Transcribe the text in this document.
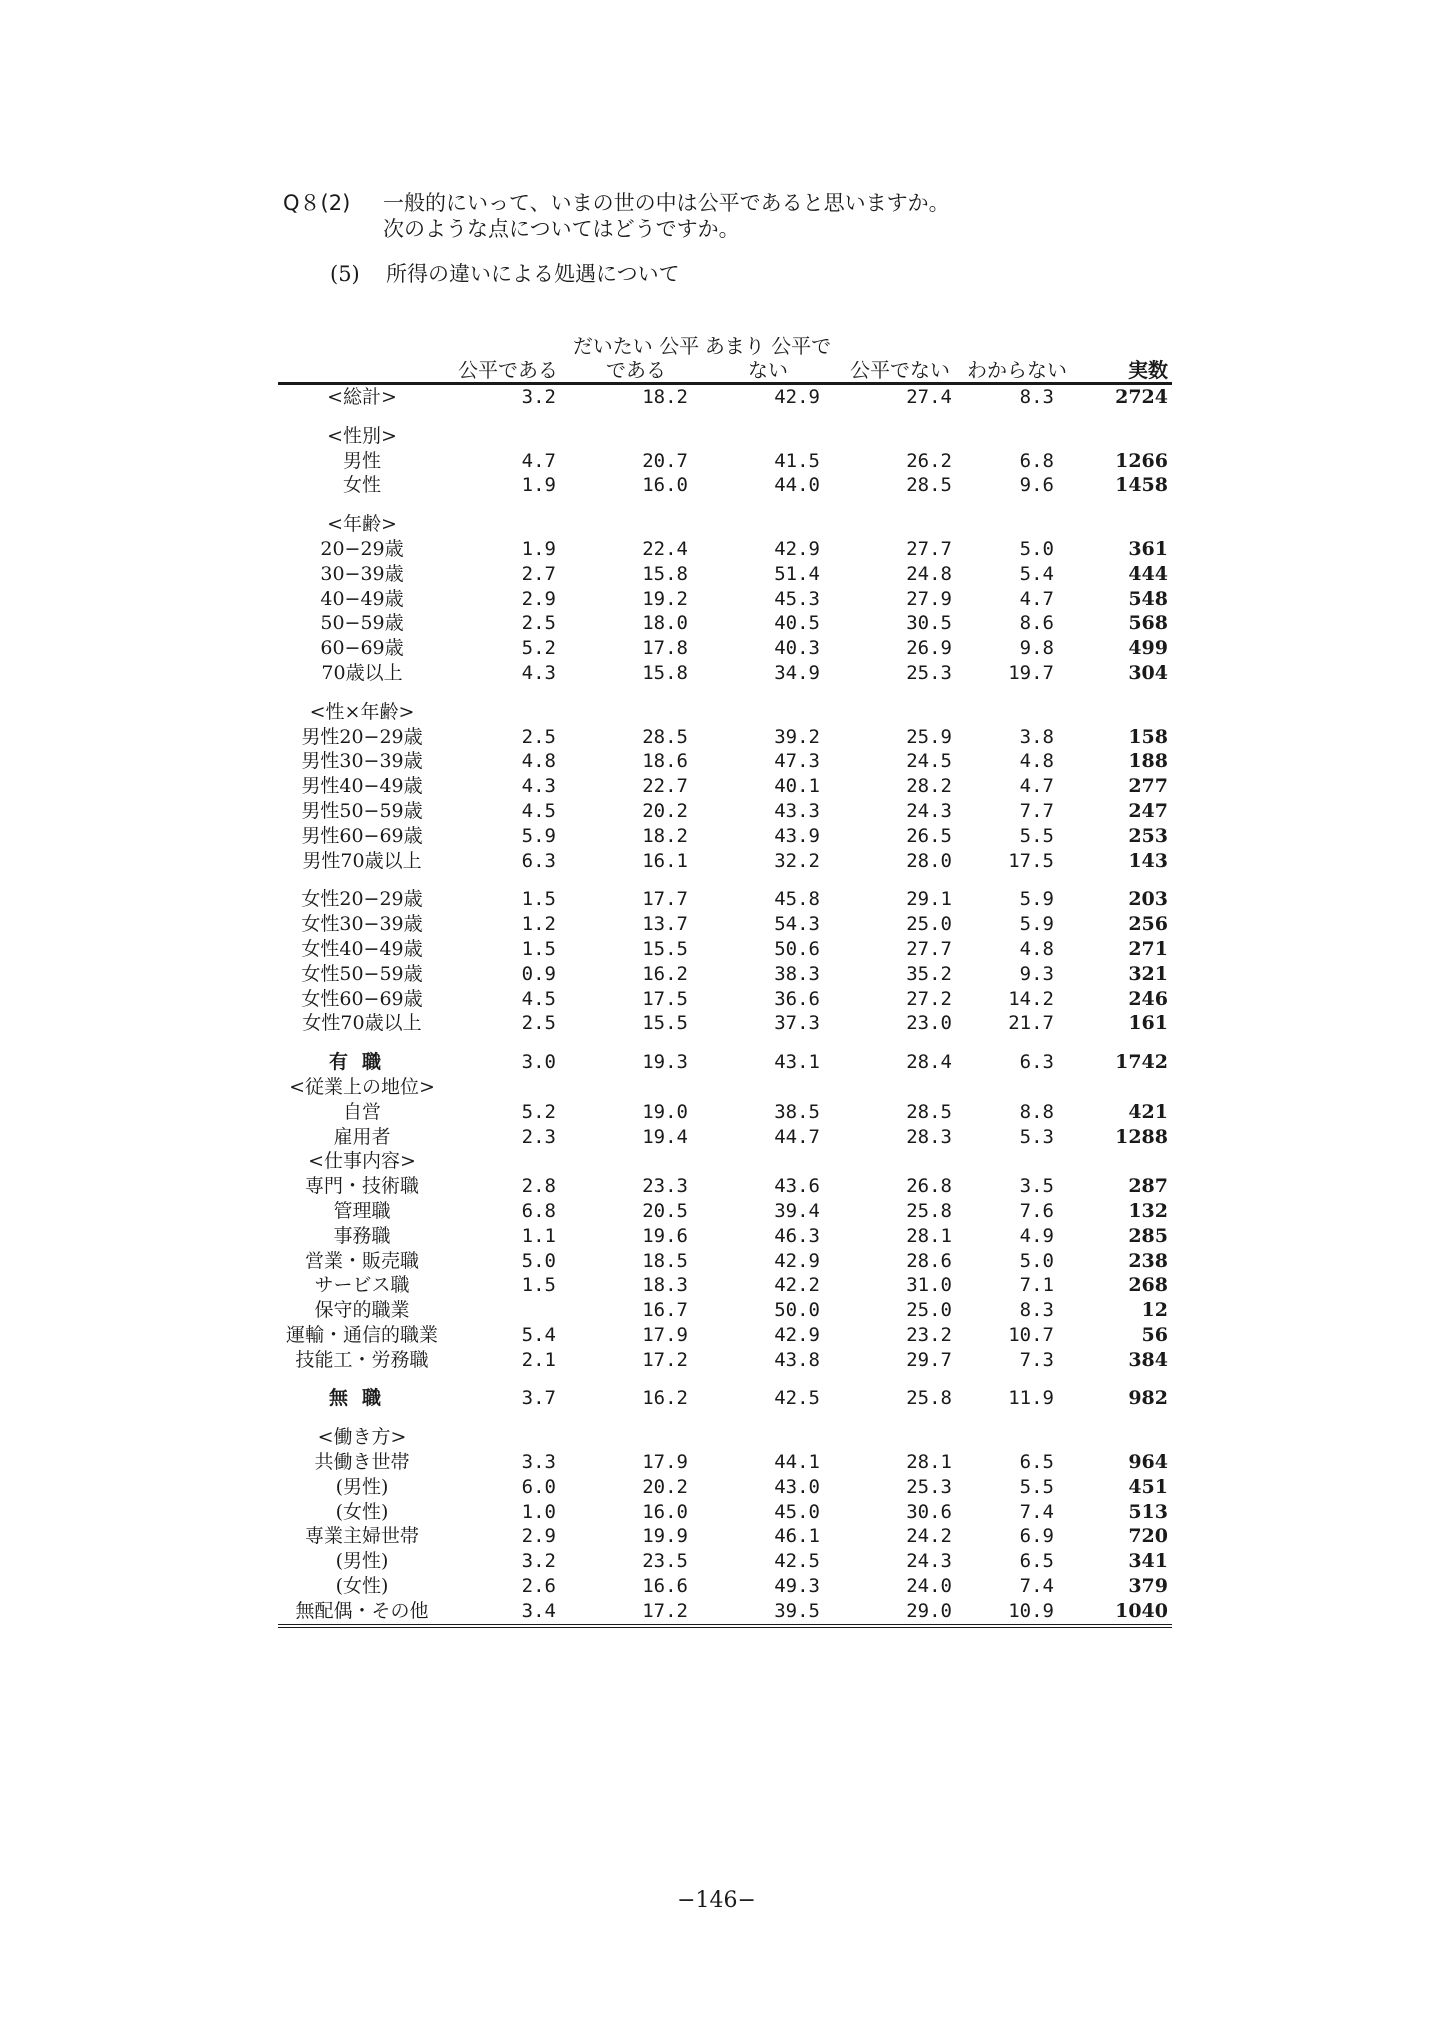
Q８(2) 一般的にいって、いまの世の中は公平であると思いますか。
次のような点についてはどうですか。
(5) 所得の違いによる処遇について
	公平である	だいたい 公平である	あまり 公平でない	公平でない	わからない	実数
<総計>	3.2	18.2	42.9	27.4	8.3	2724

<性別>						
男性	4.7	20.7	41.5	26.2	6.8	1266
女性	1.9	16.0	44.0	28.5	9.6	1458

<年齢>						
20−29歳	1.9	22.4	42.9	27.7	5.0	361
30−39歳	2.7	15.8	51.4	24.8	5.4	444
40−49歳	2.9	19.2	45.3	27.9	4.7	548
50−59歳	2.5	18.0	40.5	30.5	8.6	568
60−69歳	5.2	17.8	40.3	26.9	9.8	499
70歳以上	4.3	15.8	34.9	25.3	19.7	304

<性×年齢>						
男性20−29歳	2.5	28.5	39.2	25.9	3.8	158
男性30−39歳	4.8	18.6	47.3	24.5	4.8	188
男性40−49歳	4.3	22.7	40.1	28.2	4.7	277
男性50−59歳	4.5	20.2	43.3	24.3	7.7	247
男性60−69歳	5.9	18.2	43.9	26.5	5.5	253
男性70歳以上	6.3	16.1	32.2	28.0	17.5	143

女性20−29歳	1.5	17.7	45.8	29.1	5.9	203
女性30−39歳	1.2	13.7	54.3	25.0	5.9	256
女性40−49歳	1.5	15.5	50.6	27.7	4.8	271
女性50−59歳	0.9	16.2	38.3	35.2	9.3	321
女性60−69歳	4.5	17.5	36.6	27.2	14.2	246
女性70歳以上	2.5	15.5	37.3	23.0	21.7	161

有職	3.0	19.3	43.1	28.4	6.3	1742
<従業上の地位>						
自営	5.2	19.0	38.5	28.5	8.8	421
雇用者	2.3	19.4	44.7	28.3	5.3	1288
<仕事内容>						
専門・技術職	2.8	23.3	43.6	26.8	3.5	287
管理職	6.8	20.5	39.4	25.8	7.6	132
事務職	1.1	19.6	46.3	28.1	4.9	285
営業・販売職	5.0	18.5	42.9	28.6	5.0	238
サービス職	1.5	18.3	42.2	31.0	7.1	268
保守的職業		16.7	50.0	25.0	8.3	12
運輸・通信的職業	5.4	17.9	42.9	23.2	10.7	56
技能工・労務職	2.1	17.2	43.8	29.7	7.3	384

無職	3.7	16.2	42.5	25.8	11.9	982

<働き方>						
共働き世帯	3.3	17.9	44.1	28.1	6.5	964
(男性)	6.0	20.2	43.0	25.3	5.5	451
(女性)	1.0	16.0	45.0	30.6	7.4	513
専業主婦世帯	2.9	19.9	46.1	24.2	6.9	720
(男性)	3.2	23.5	42.5	24.3	6.5	341
(女性)	2.6	16.6	49.3	24.0	7.4	379
無配偶・その他	3.4	17.2	39.5	29.0	10.9	1040
−146−
